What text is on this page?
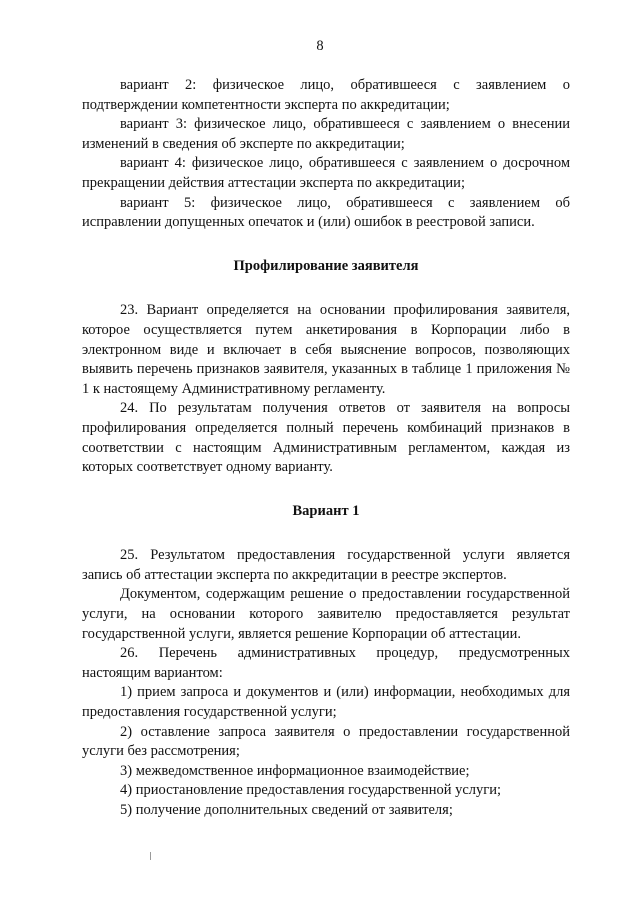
8

вариант 2: физическое лицо, обратившееся с заявлением о подтверждении компетентности эксперта по аккредитации;

вариант 3: физическое лицо, обратившееся с заявлением о внесении изменений в сведения об эксперте по аккредитации;

вариант 4: физическое лицо, обратившееся с заявлением о досрочном прекращении действия аттестации эксперта по аккредитации;

вариант 5: физическое лицо, обратившееся с заявлением об исправлении допущенных опечаток и (или) ошибок в реестровой записи.

Профилирование заявителя

23. Вариант определяется на основании профилирования заявителя, которое осуществляется путем анкетирования в Корпорации либо в электронном виде и включает в себя выяснение вопросов, позволяющих выявить перечень признаков заявителя, указанных в таблице 1 приложения № 1 к настоящему Административному регламенту.

24. По результатам получения ответов от заявителя на вопросы профилирования определяется полный перечень комбинаций признаков в соответствии с настоящим Административным регламентом, каждая из которых соответствует одному варианту.

Вариант 1

25. Результатом предоставления государственной услуги является запись об аттестации эксперта по аккредитации в реестре экспертов.

Документом, содержащим решение о предоставлении государственной услуги, на основании которого заявителю предоставляется результат государственной услуги, является решение Корпорации об аттестации.

26. Перечень административных процедур, предусмотренных настоящим вариантом:

1) прием запроса и документов и (или) информации, необходимых для предоставления государственной услуги;

2) оставление запроса заявителя о предоставлении государственной услуги без рассмотрения;

3) межведомственное информационное взаимодействие;

4) приостановление предоставления государственной услуги;

5) получение дополнительных сведений от заявителя;
